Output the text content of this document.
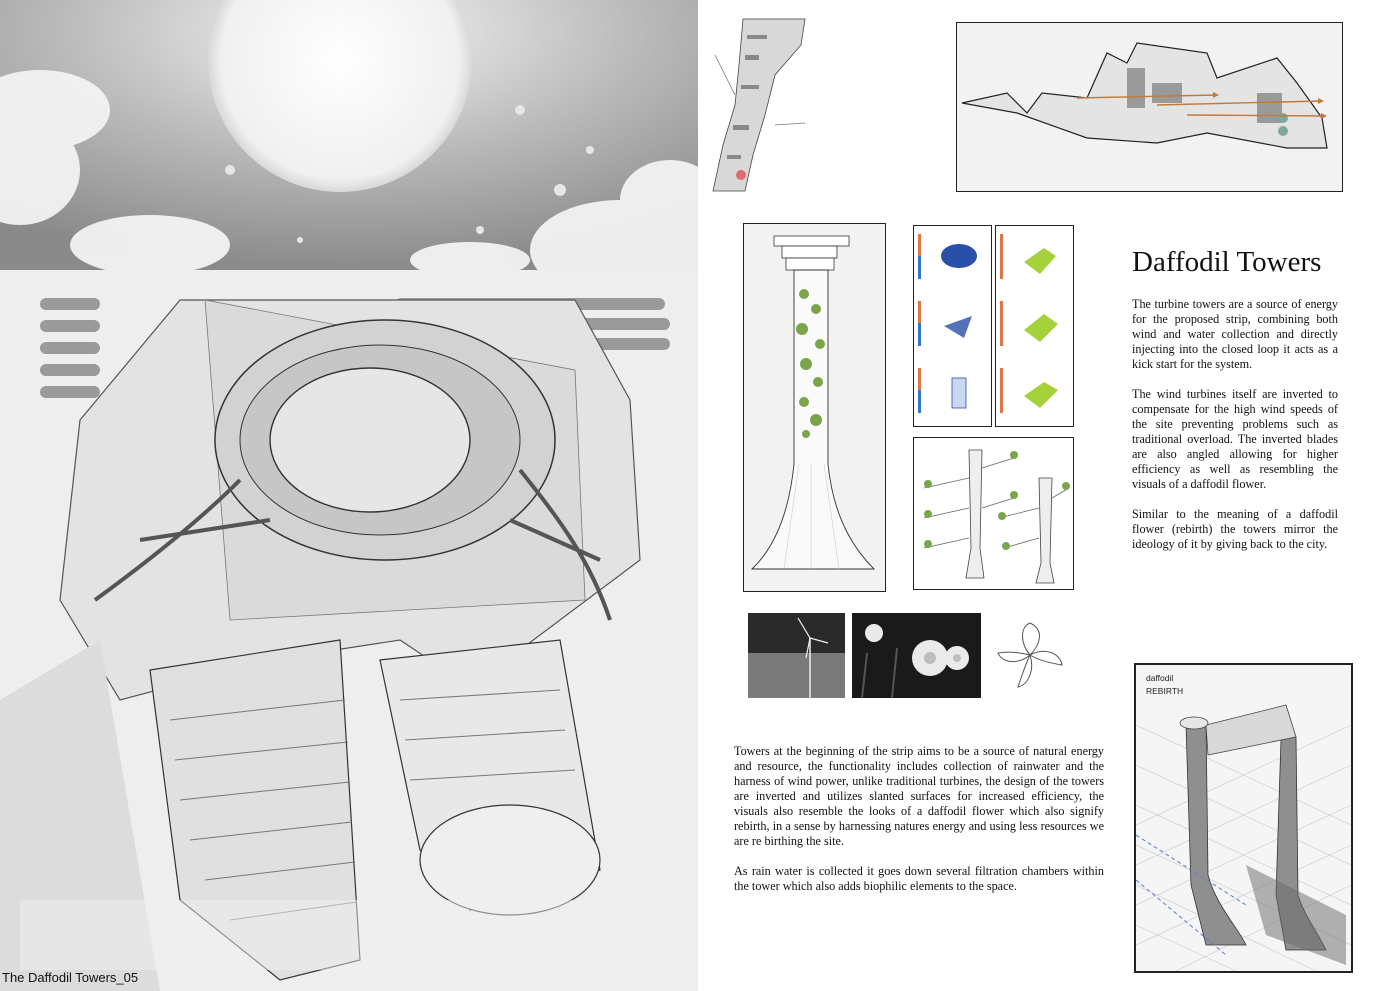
The Daffodil Towers_05
Daffodil Towers

The turbine towers are a source of energy for the proposed strip, combining both wind and water collection and directly injecting into the closed loop it acts as a kick start for the system.

The wind turbines itself are inverted to compensate for the high wind speeds of the site preventing problems such as traditional overload. The inverted blades are also angled allowing for higher efficiency as well as resembling the visuals of a daffodil flower.

Similar to the meaning of a daffodil flower (rebirth) the towers mirror the ideology of it by giving back to the city.

Towers at the beginning of the strip aims to be a source of natural energy and resource, the functionality includes collection of rainwater and the harness of wind power, unlike traditional turbines, the design of the towers are inverted and utilizes slanted surfaces for increased efficiency, the visuals also resemble the looks of a daffodil flower which also signify rebirth, in a sense by harnessing natures energy and using less resources we are re birthing the site.

As rain water is collected it goes down several filtration chambers within the tower which also adds biophilic elements to the space.

daffodil
REBIRTH
